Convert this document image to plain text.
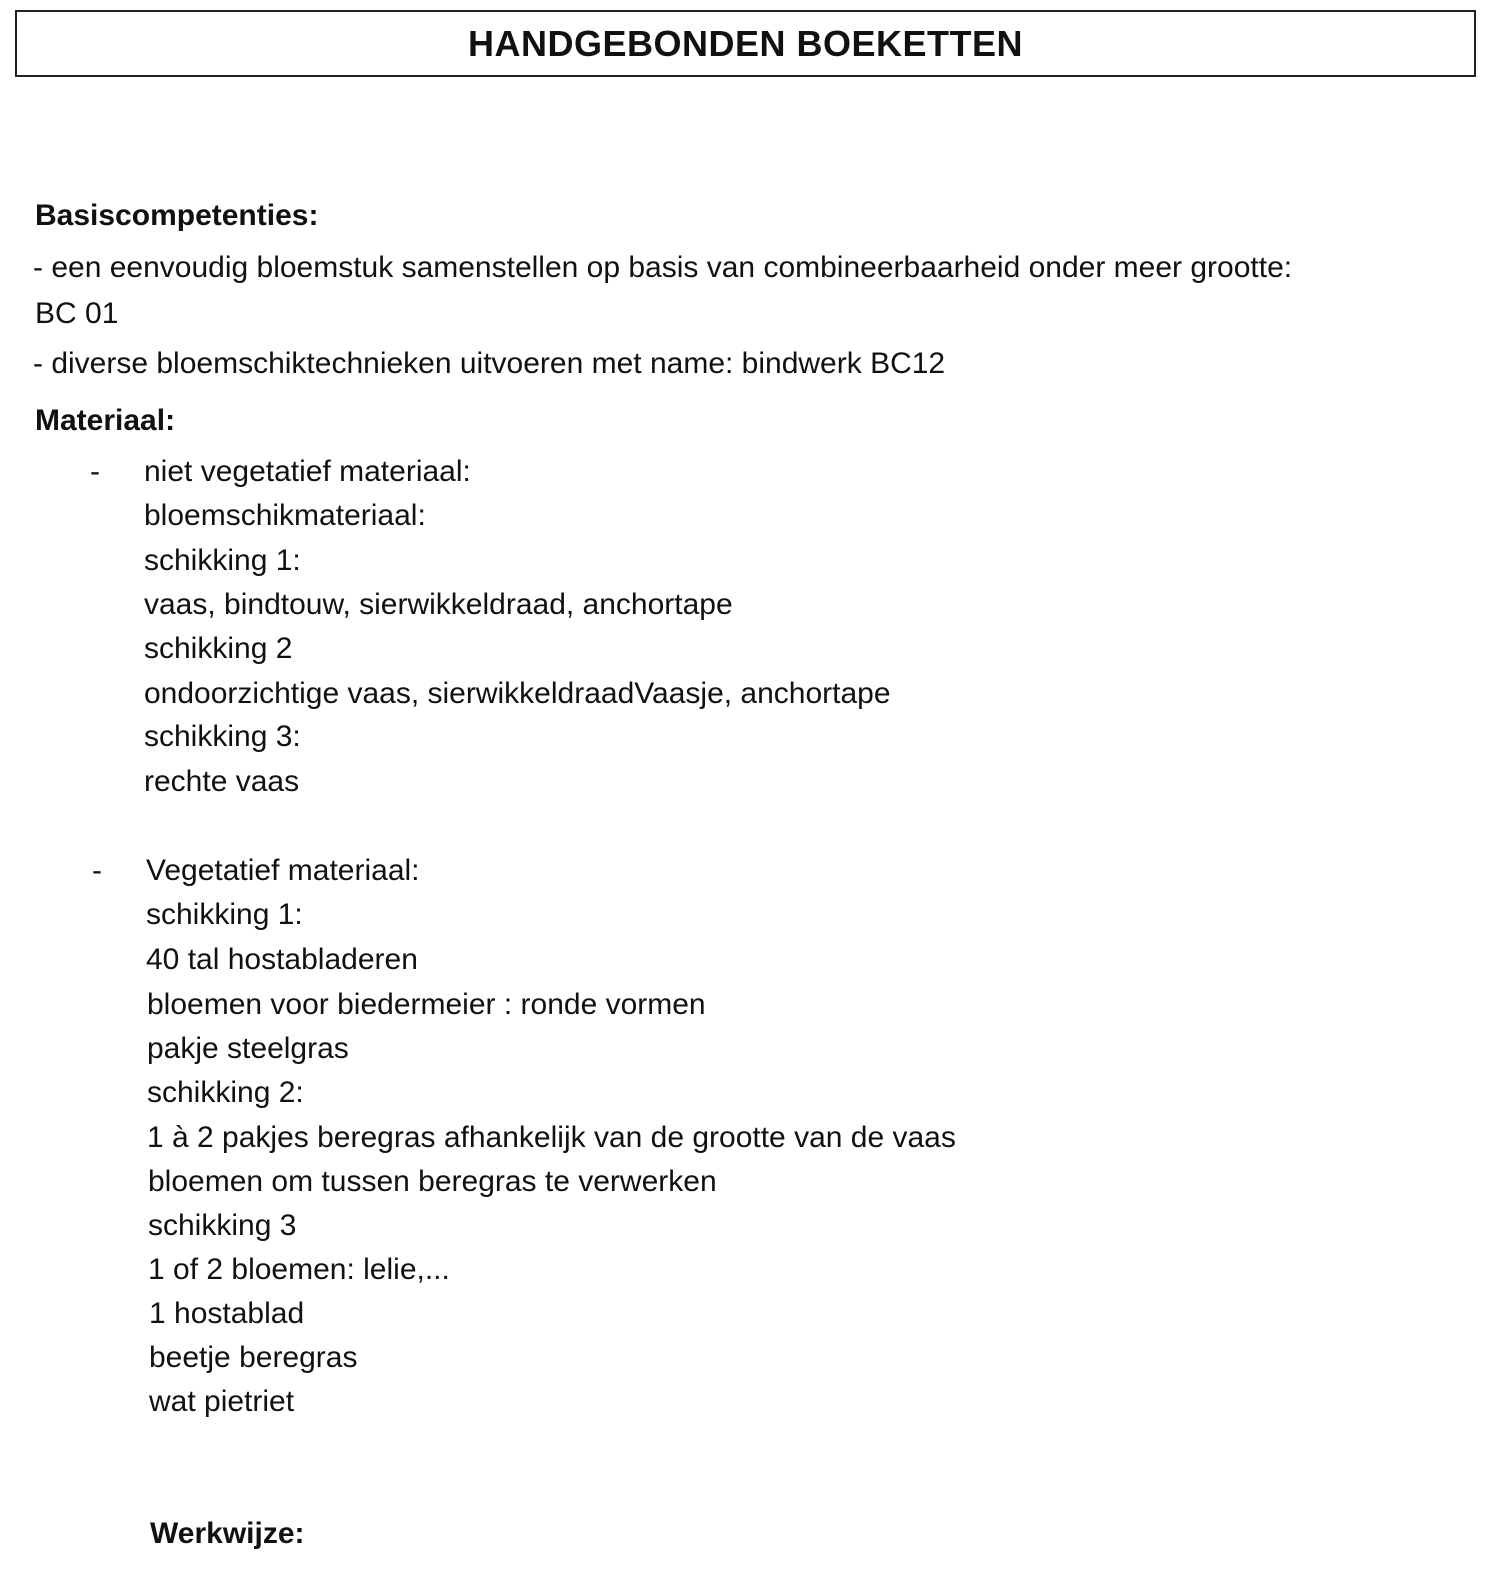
HANDGEBONDEN BOEKETTEN
Basiscompetenties:
- een eenvoudig bloemstuk samenstellen op basis van combineerbaarheid onder meer grootte:
BC 01
- diverse bloemschiktechnieken uitvoeren met name: bindwerk BC12
Materiaal:
- niet vegetatief materiaal:
bloemschikmateriaal:
schikking 1:
vaas, bindtouw, sierwikkeldraad, anchortape
schikking 2
ondoorzichtige vaas, sierwikkeldraadVaasje, anchortape
schikking 3:
rechte vaas
- Vegetatief materiaal:
schikking 1:
40 tal hostabladeren
bloemen voor biedermeier : ronde vormen
pakje steelgras
schikking 2:
1 à 2 pakjes beregras afhankelijk van de grootte van de vaas
bloemen om tussen beregras te verwerken
schikking 3
1 of 2 bloemen: lelie,...
1 hostablad
beetje beregras
wat pietriet
Werkwijze:
